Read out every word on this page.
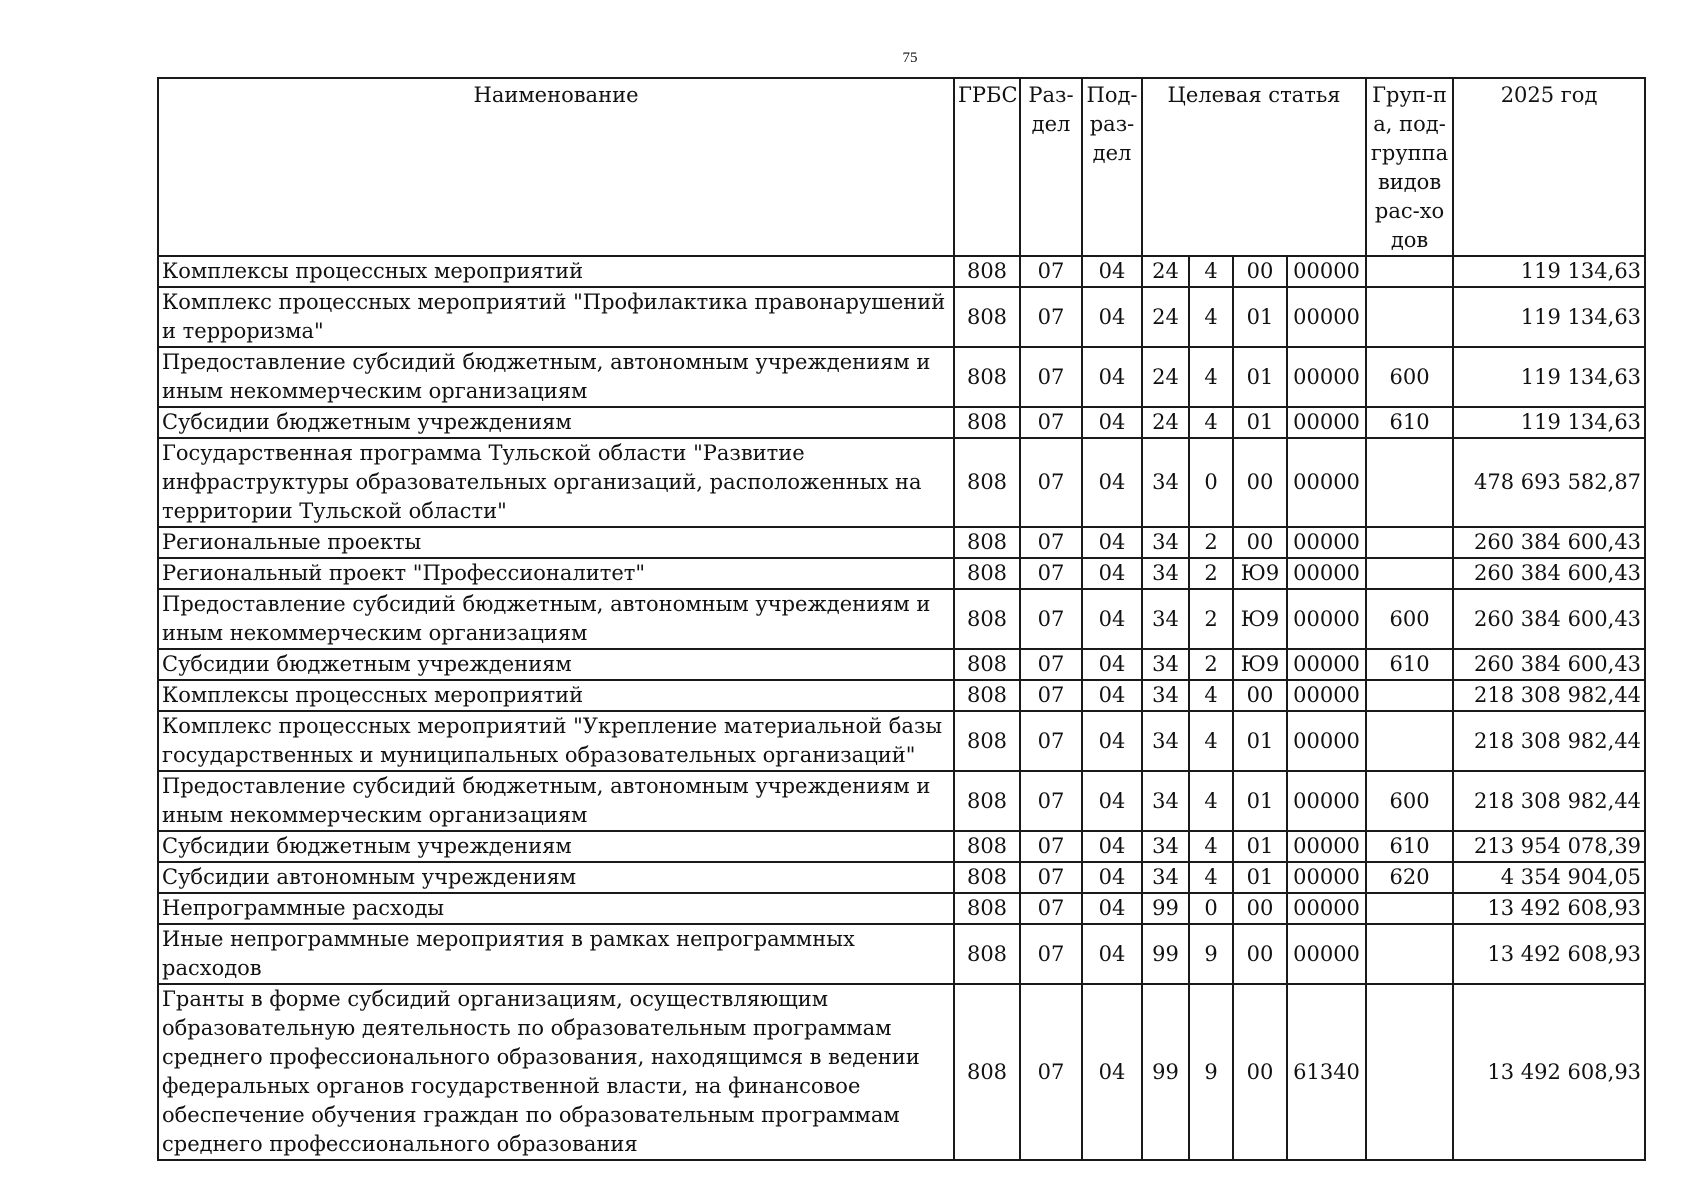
75
Наименование	ГРБС	Раз-дел	Под-раз-дел	Целевая статья				Груп-па, под-группа видов рас-ходов	2025 год
Комплексы процессных мероприятий	808	07	04	24	4	00	00000		119 134,63
Комплекс процессных мероприятий "Профилактика правонарушений и терроризма"	808	07	04	24	4	01	00000		119 134,63
Предоставление субсидий бюджетным, автономным учреждениям и иным некоммерческим организациям	808	07	04	24	4	01	00000	600	119 134,63
Субсидии бюджетным учреждениям	808	07	04	24	4	01	00000	610	119 134,63
Государственная программа Тульской области "Развитие инфраструктуры образовательных организаций, расположенных на территории Тульской области"	808	07	04	34	0	00	00000		478 693 582,87
Региональные проекты	808	07	04	34	2	00	00000		260 384 600,43
Региональный проект "Профессионалитет"	808	07	04	34	2	Ю9	00000		260 384 600,43
Предоставление субсидий бюджетным, автономным учреждениям и иным некоммерческим организациям	808	07	04	34	2	Ю9	00000	600	260 384 600,43
Субсидии бюджетным учреждениям	808	07	04	34	2	Ю9	00000	610	260 384 600,43
Комплексы процессных мероприятий	808	07	04	34	4	00	00000		218 308 982,44
Комплекс процессных мероприятий "Укрепление материальной базы государственных и муниципальных образовательных организаций"	808	07	04	34	4	01	00000		218 308 982,44
Предоставление субсидий бюджетным, автономным учреждениям и иным некоммерческим организациям	808	07	04	34	4	01	00000	600	218 308 982,44
Субсидии бюджетным учреждениям	808	07	04	34	4	01	00000	610	213 954 078,39
Субсидии автономным учреждениям	808	07	04	34	4	01	00000	620	4 354 904,05
Непрограммные расходы	808	07	04	99	0	00	00000		13 492 608,93
Иные непрограммные мероприятия в рамках непрограммных расходов	808	07	04	99	9	00	00000		13 492 608,93
Гранты в форме субсидий организациям, осуществляющим образовательную деятельность по образовательным программам среднего профессионального образования, находящимся в ведении федеральных органов государственной власти, на финансовое обеспечение обучения граждан по образовательным программам среднего профессионального образования	808	07	04	99	9	00	61340		13 492 608,93
